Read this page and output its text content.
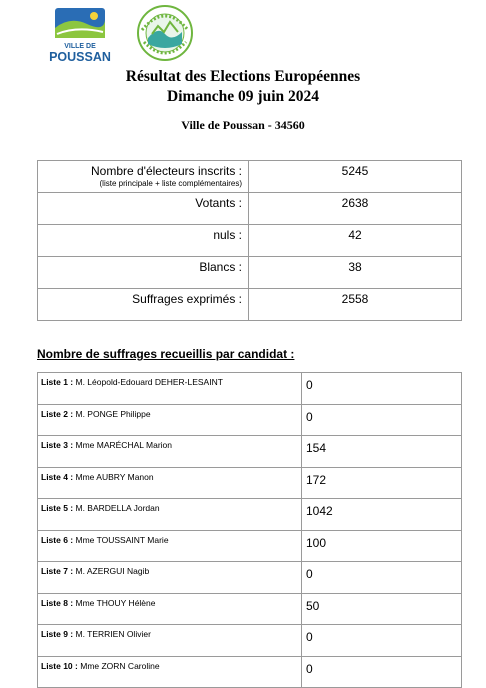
VILLE DE
POUSSAN
Résultat des Elections Européennes
Dimanche 09 juin 2024
Ville de Poussan - 34560
Nombre d'électeurs inscrits :
(liste principale + liste complémentaires)	5245
Votants :	2638
nuls :	42
Blancs :	38
Suffrages exprimés :	2558
Nombre de suffrages recueillis par candidat :
Liste 1 : M. Léopold-Edouard DEHER-LESAINT	0
Liste 2 : M. PONGE Philippe	0
Liste 3 : Mme MARÉCHAL Marion	154
Liste 4 : Mme AUBRY Manon	172
Liste 5 : M. BARDELLA Jordan	1042
Liste 6 : Mme TOUSSAINT Marie	100
Liste 7 : M. AZERGUI Nagib	0
Liste 8 : Mme THOUY Hélène	50
Liste 9 : M. TERRIEN Olivier	0
Liste 10 : Mme ZORN Caroline	0
